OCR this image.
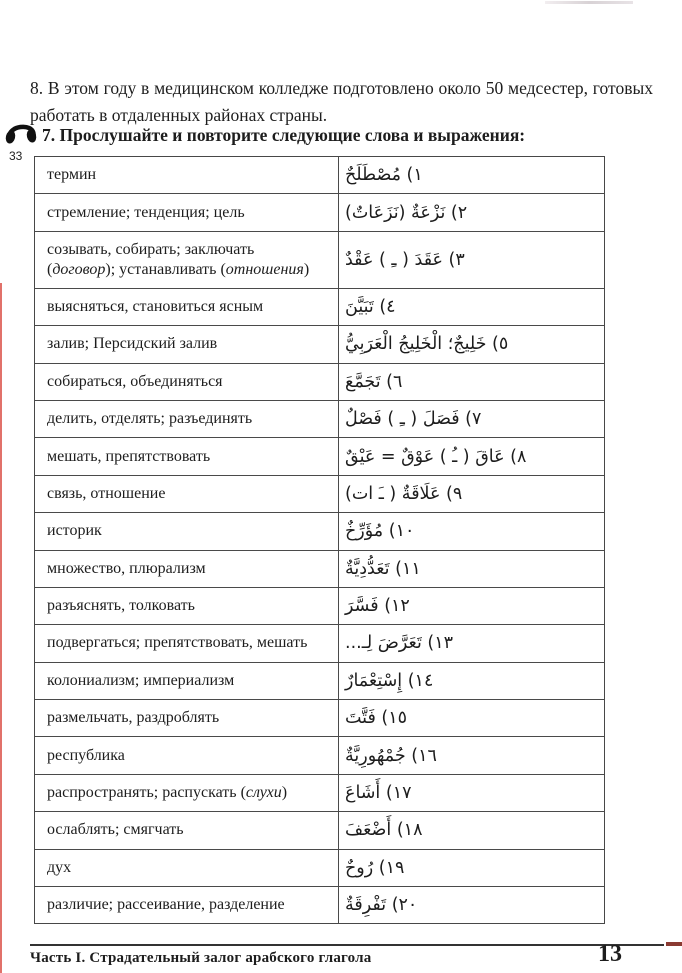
8. В этом году в медицинском колледже подготовлено около 50 медсестер, готовых работать в отдаленных районах страны.

33
7. Прослушайте и повторите следующие слова и выражения:
термин	١) مُصْطَلَحٌ
стремление; тенденция; цель	٢) نَزْعَةٌ (نَزَعَاتٌ)
созывать, собирать; заключать
( договор ); устанавливать ( отношения )	٣) عَقَدَ ( ـِ ) عَقْدٌ
выясняться, становиться ясным	٤) تَبَيَّنَ
залив; Персидский залив	٥) خَلِيجٌ؛ الْخَلِيجُ الْعَرَبِيُّ
собираться, объединяться	٦) تَجَمَّعَ
делить, отделять; разъединять	٧) فَصَلَ ( ـِ ) فَصْلٌ
мешать, препятствовать	٨) عَاقَ ( ـُ ) عَوْقٌ = عَيْقٌ
связь, отношение	٩) عَلَاقَةٌ ( ـَ ات)
историк	١٠) مُؤَرِّخٌ
множество, плюрализм	١١) تَعَدُّدِيَّةٌ
разъяснять, толковать	١٢) فَسَّرَ
подвергаться; препятствовать, мешать	١٣) تَعَرَّضَ لِـ...
колониализм; империализм	١٤) إِسْتِعْمَارٌ
размельчать, раздроблять	١٥) فَتَّتَ
республика	١٦) جُمْهُورِيَّةٌ
распространять; распускать ( слухи )	١٧) أَشَاعَ
ослаблять; смягчать	١٨) أَضْعَفَ
дух	١٩) رُوحٌ
различие; рассеивание, разделение	٢٠) تَفْرِقَةٌ
Часть I. Страдательный залог арабского глагола	13
